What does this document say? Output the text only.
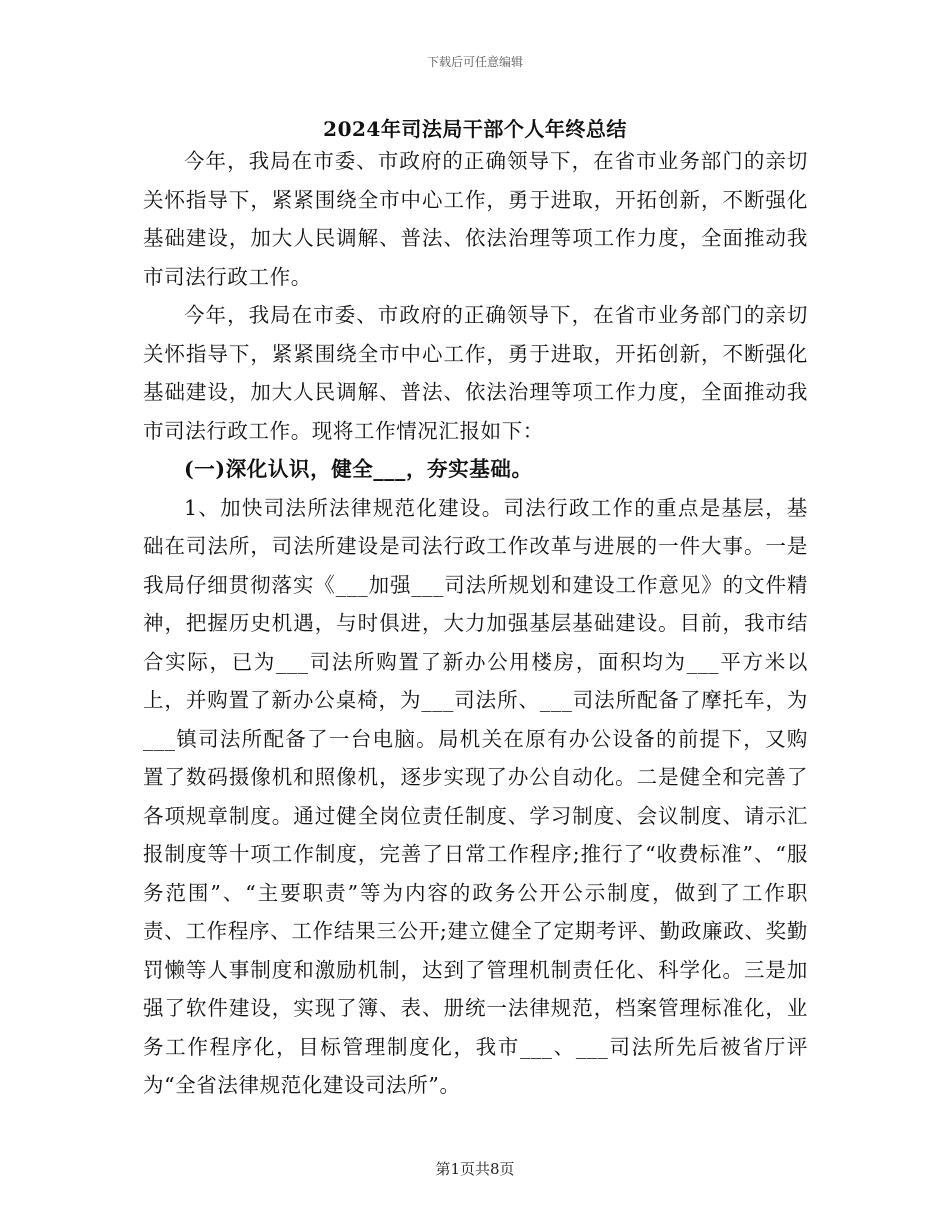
下载后可任意编辑
2024年司法局干部个人年终总结

今年，我局在市委、市政府的正确领导下，在省市业务部门的亲切关怀指导下，紧紧围绕全市中心工作，勇于进取，开拓创新，不断强化基础建设，加大人民调解、普法、依法治理等项工作力度，全面推动我市司法行政工作。

今年，我局在市委、市政府的正确领导下，在省市业务部门的亲切关怀指导下，紧紧围绕全市中心工作，勇于进取，开拓创新，不断强化基础建设，加大人民调解、普法、依法治理等项工作力度，全面推动我市司法行政工作。现将工作情况汇报如下：

(一)深化认识，健全___，夯实基础。

1、加快司法所法律规范化建设。司法行政工作的重点是基层，基础在司法所，司法所建设是司法行政工作改革与进展的一件大事。一是我局仔细贯彻落实《___加强___司法所规划和建设工作意见》的文件精神，把握历史机遇，与时俱进，大力加强基层基础建设。目前，我市结合实际，已为___司法所购置了新办公用楼房，面积均为___平方米以上，并购置了新办公桌椅，为___司法所、___司法所配备了摩托车，为___镇司法所配备了一台电脑。局机关在原有办公设备的前提下，又购置了数码摄像机和照像机，逐步实现了办公自动化。二是健全和完善了各项规章制度。通过健全岗位责任制度、学习制度、会议制度、请示汇报制度等十项工作制度，完善了日常工作程序;推行了“收费标准”、“服务范围”、“主要职责”等为内容的政务公开公示制度，做到了工作职责、工作程序、工作结果三公开;建立健全了定期考评、勤政廉政、奖勤罚懒等人事制度和激励机制，达到了管理机制责任化、科学化。三是加强了软件建设，实现了簿、表、册统一法律规范，档案管理标准化，业务工作程序化，目标管理制度化，我市___、___司法所先后被省厅评为“全省法律规范化建设司法所”。

第1页共8页
